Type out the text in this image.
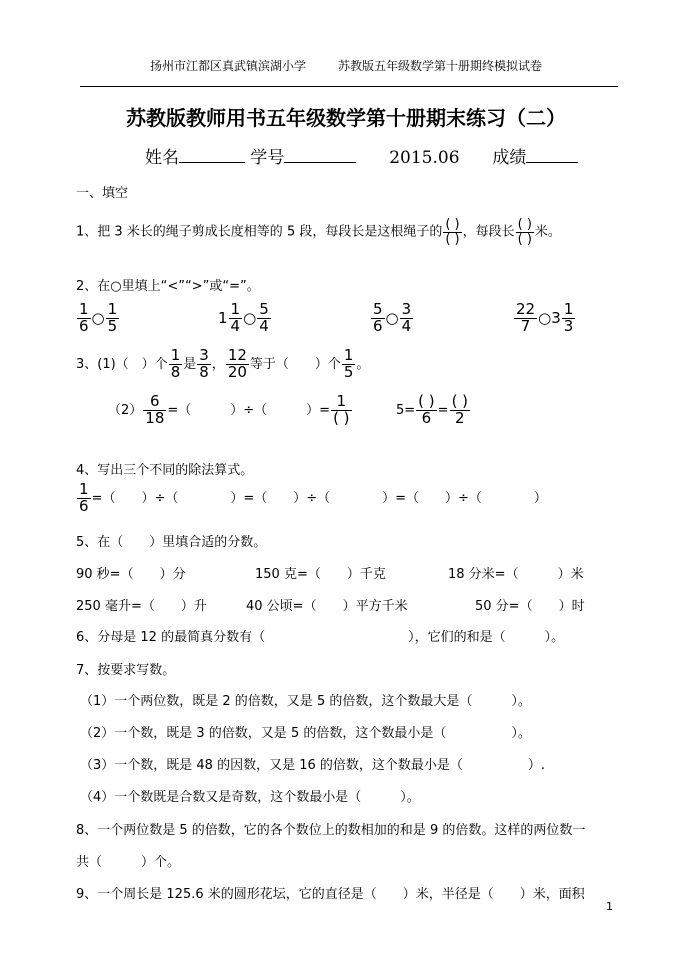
扬州市江都区真武镇滨湖小学	苏教版五年级数学第十册期终模拟试卷
苏教版教师用书五年级数学第十册期末练习（二）
姓名	学号	2015.06 成绩
一、填空
1、把 3 米长的绳子剪成长度相等的 5 段，每段长是这根绳子的 $\frac{( )}{( )}$ ，每段长 $\frac{( )}{( )}$ 米。
2、在○里填上“<”“>”或“=”。
$\frac{1}{6}$ ○ $\frac{1}{5}$	$1 \frac{1}{4}$ ○ $\frac{5}{4}$	$\frac{5}{6}$ ○ $\frac{3}{4}$	$\frac{22}{7}$ ○3 $\frac{1}{3}$
3、(1)（　）个 $\frac{1}{8}$ 是 $\frac{3}{8}$ ， $\frac{12}{20}$ 等于（　　）个 $\frac{1}{5}$ 。
$(2) \frac{6}{18}$ =（　　　）÷（　　　）= $\frac{1}{( )}$	$5= \frac{( )}{6} = \frac{( )}{2}$
4、写出三个不同的除法算式。
$\frac{1}{6}$ =（　　）÷（　　　　）=（　　）÷（　　　　）=（　　）÷（　　　　）
5、在（　　）里填合适的分数。
90 秒=（　　）分	150 克=（　　）千克	18 分米=（　　　）米
250 毫升=（　　）升	40 公顷=（　　）平方千米	50 分=（　　）时
6、分母是 12 的最简真分数有（　　　　　　　　　　　），它们的和是（　　　）。
7、按要求写数。
（1）一个两位数，既是 2 的倍数，又是 5 的倍数，这个数最大是（　　　）。
（2）一个数，既是 3 的倍数，又是 5 的倍数，这个数最小是（　　　　　）。
（3）一个数，既是 48 的因数，又是 16 的倍数，这个数最小是（　　　　　）.
（4）一个数既是合数又是奇数，这个数最小是（　　　）。
8、一个两位数是 5 的倍数，它的各个数位上的数相加的和是 9 的倍数。这样的两位数一
共（　　　）个。
9、一个周长是 125.6 米的圆形花坛，它的直径是（　　）米，半径是（　　）米，面积
1
